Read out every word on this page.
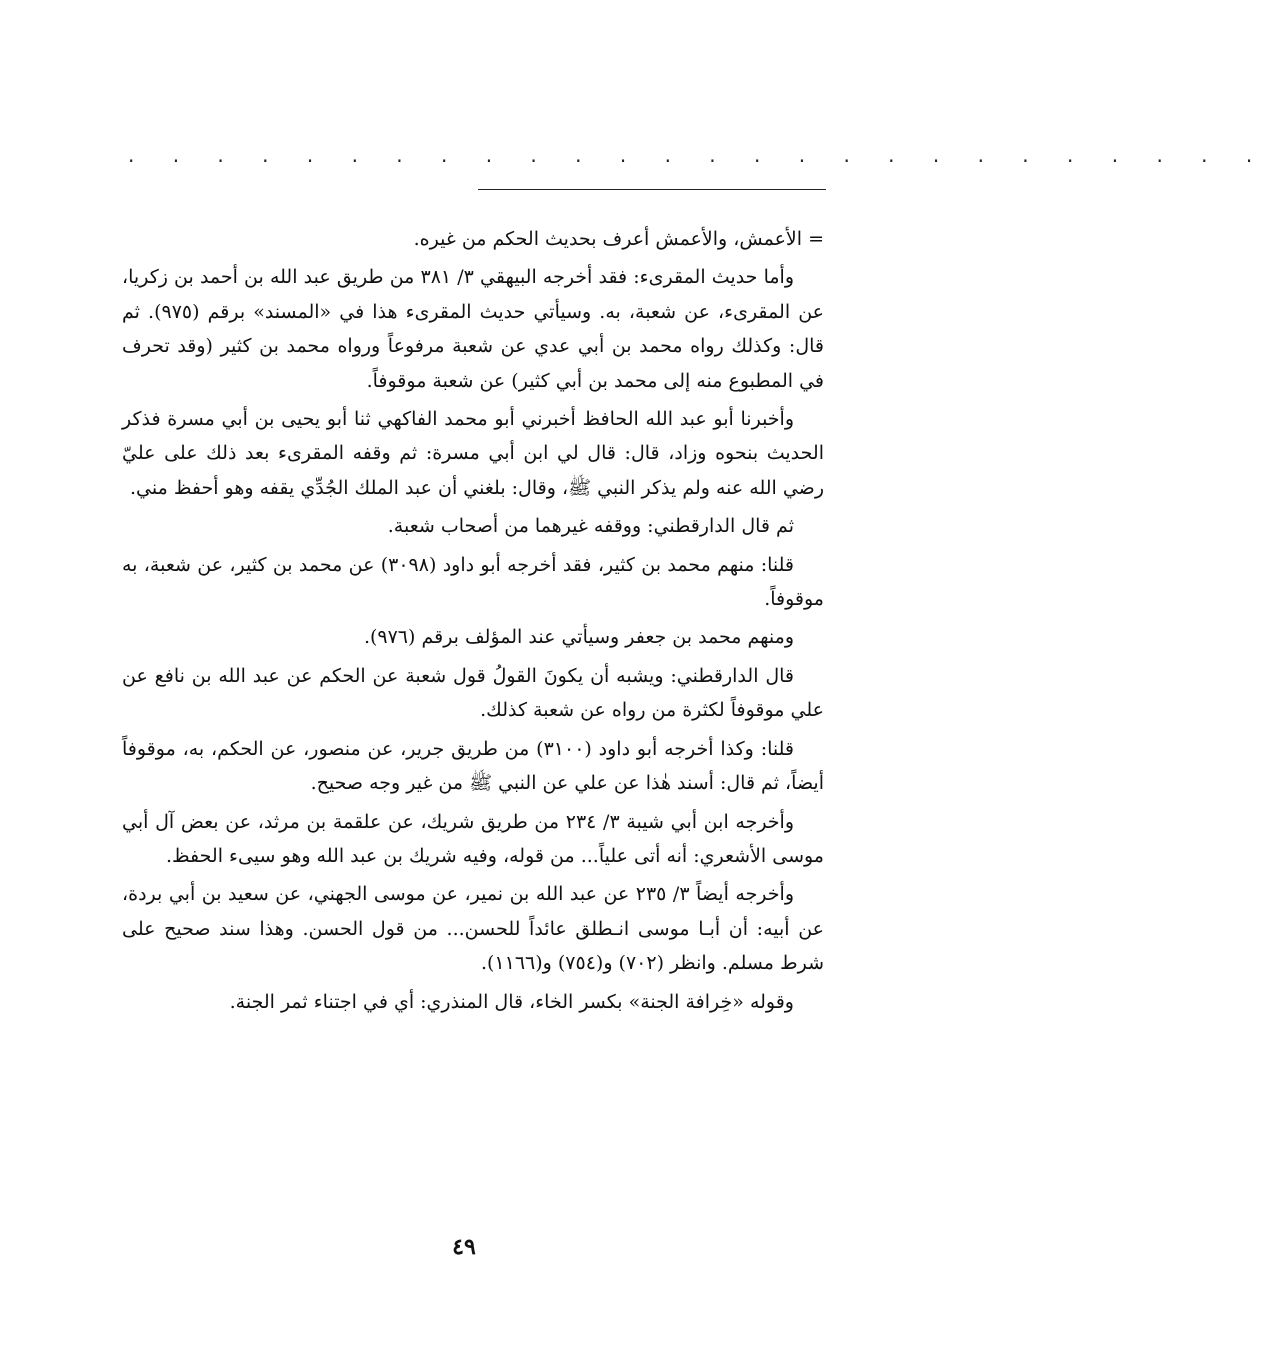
. . . . . . . . . . . . . . . . . . . . . . . . . .

= الأعمش، والأعمش أعرف بحديث الحكم من غيره.

وأما حديث المقرىء: فقد أخرجه البيهقي ٣/ ٣٨١ من طريق عبد الله بن أحمد بن زكريا، عن المقرىء، عن شعبة، به. وسيأتي حديث المقرىء هذا في «المسند» برقم (٩٧٥). ثم قال: وكذلك رواه محمد بن أبي عدي عن شعبة مرفوعاً ورواه محمد بن كثير (وقد تحرف في المطبوع منه إلى محمد بن أبي كثير) عن شعبة موقوفاً.

وأخبرنا أبو عبد الله الحافظ أخبرني أبو محمد الفاكهي ثنا أبو يحيى بن أبي مسرة فذكر الحديث بنحوه وزاد، قال: قال لي ابن أبي مسرة: ثم وقفه المقرىء بعد ذلك على عليّ رضي الله عنه ولم يذكر النبي ﷺ، وقال: بلغني أن عبد الملك الجُدِّي يقفه وهو أحفظ مني.

ثم قال الدارقطني: ووقفه غيرهما من أصحاب شعبة.

قلنا: منهم محمد بن كثير، فقد أخرجه أبو داود (٣٠٩٨) عن محمد بن كثير، عن شعبة، به موقوفاً.

ومنهم محمد بن جعفر وسيأتي عند المؤلف برقم (٩٧٦).

قال الدارقطني: ويشبه أن يكونَ القولُ قول شعبة عن الحكم عن عبد الله بن نافع عن علي موقوفاً لكثرة من رواه عن شعبة كذلك.

قلنا: وكذا أخرجه أبو داود (٣١٠٠) من طريق جرير، عن منصور، عن الحكم، به، موقوفاً أيضاً، ثم قال: أسند هٰذا عن علي عن النبي ﷺ من غير وجه صحيح.

وأخرجه ابن أبي شيبة ٣/ ٢٣٤ من طريق شريك، عن علقمة بن مرثد، عن بعض آل أبي موسى الأشعري: أنه أتى علياً... من قوله، وفيه شريك بن عبد الله وهو سيىء الحفظ.

وأخرجه أيضاً ٣/ ٢٣٥ عن عبد الله بن نمير، عن موسى الجهني، عن سعيد بن أبي بردة، عن أبيه: أن أبـا موسى انـطلق عائداً للحسن... من قول الحسن. وهذا سند صحيح على شرط مسلم. وانظر (٧٠٢) و(٧٥٤) و(١١٦٦).

وقوله «خِرافة الجنة» بكسر الخاء، قال المنذري: أي في اجتناء ثمر الجنة.

٤٩
